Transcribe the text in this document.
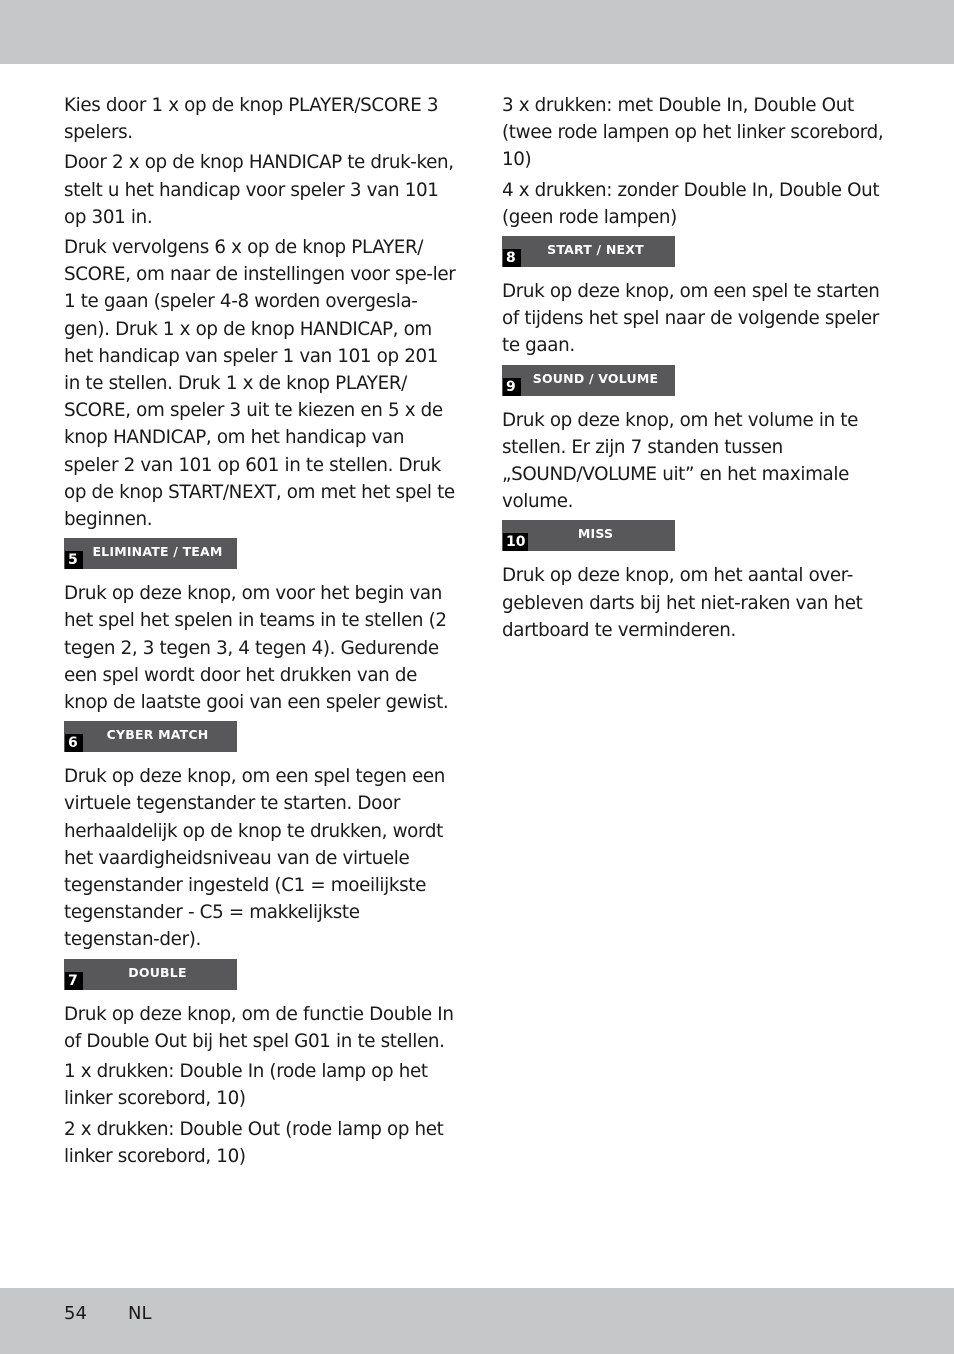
Kies door 1 x op de knop PLAYER/SCORE 3 spelers.

Door 2 x op de knop HANDICAP te druk-ken, stelt u het handicap voor speler 3 van 101 op 301 in.

Druk vervolgens 6 x op de knop PLAYER/ SCORE, om naar de instellingen voor spe-ler 1 te gaan (speler 4-8 worden overgesla-gen). Druk 1 x op de knop HANDICAP, om het handicap van speler 1 van 101 op 201 in te stellen. Druk 1 x de knop PLAYER/ SCORE, om speler 3 uit te kiezen en 5 x de knop HANDICAP, om het handicap van speler 2 van 101 op 601 in te stellen. Druk op de knop START/NEXT, om met het spel te beginnen.

5
ELIMINATE / TEAM

Druk op deze knop, om voor het begin van het spel het spelen in teams in te stellen (2 tegen 2, 3 tegen 3, 4 tegen 4). Gedurende een spel wordt door het drukken van de knop de laatste gooi van een speler gewist.

6
CYBER MATCH

Druk op deze knop, om een spel tegen een virtuele tegenstander te starten. Door herhaaldelijk op de knop te drukken, wordt het vaardigheidsniveau van de virtuele tegenstander ingesteld (C1 = moeilijkste tegenstander - C5 = makkelijkste tegenstan-der).

7
DOUBLE

Druk op deze knop, om de functie Double In of Double Out bij het spel G01 in te stellen.

1 x drukken: Double In (rode lamp op het linker scorebord, 10)

2 x drukken: Double Out (rode lamp op het linker scorebord, 10)

3 x drukken: met Double In, Double Out (twee rode lampen op het linker scorebord, 10)

4 x drukken: zonder Double In, Double Out (geen rode lampen)

8
START / NEXT

Druk op deze knop, om een spel te starten of tijdens het spel naar de volgende speler te gaan.

9
SOUND / VOLUME

Druk op deze knop, om het volume in te stellen. Er zijn 7 standen tussen „SOUND/VOLUME uit” en het maximale volume.

10
MISS

Druk op deze knop, om het aantal over-gebleven darts bij het niet-raken van het dartboard te verminderen.

54 NL
